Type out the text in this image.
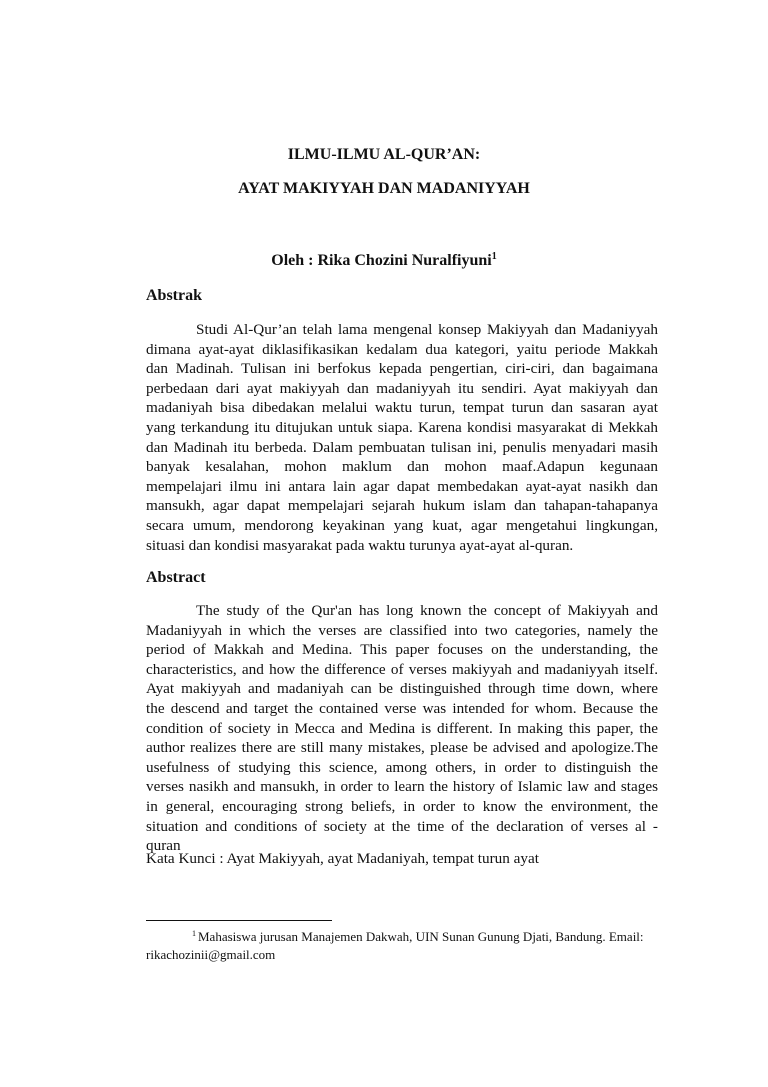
ILMU-ILMU AL-QUR’AN:
AYAT MAKIYYAH DAN MADANIYYAH
Oleh : Rika Chozini Nuralfiyuni$^1$
Abstrak
Studi Al-Qur’an telah lama mengenal konsep Makiyyah dan Madaniyyah
dimana ayat-ayat diklasifikasikan kedalam dua kategori, yaitu periode Makkah
dan Madinah. Tulisan ini berfokus kepada pengertian, ciri-ciri, dan bagaimana
perbedaan dari ayat makiyyah dan madaniyyah itu sendiri. Ayat makiyyah dan
madaniyah bisa dibedakan melalui waktu turun, tempat turun dan sasaran ayat
yang terkandung itu ditujukan untuk siapa. Karena kondisi masyarakat di Mekkah
dan Madinah itu berbeda. Dalam pembuatan tulisan ini, penulis menyadari masih
banyak kesalahan, mohon maklum dan mohon maaf.Adapun kegunaan
mempelajari ilmu ini antara lain agar dapat membedakan ayat-ayat nasikh dan
mansukh, agar dapat mempelajari sejarah hukum islam dan tahapan-tahapanya
secara umum, mendorong keyakinan yang kuat, agar mengetahui lingkungan,
situasi dan kondisi masyarakat pada waktu turunya ayat-ayat al-quran.
Abstract
The study of the Qur'an has long known the concept of Makiyyah and
Madaniyyah in which the verses are classified into two categories, namely the
period of Makkah and Medina. This paper focuses on the understanding, the
characteristics, and how the difference of verses makiyyah and madaniyyah itself.
Ayat makiyyah and madaniyah can be distinguished through time down, where
the descend and target the contained verse was intended for whom. Because the
condition of society in Mecca and Medina is different. In making this paper, the
author realizes there are still many mistakes, please be advised and apologize.The
usefulness of studying this science, among others, in order to distinguish the
verses nasikh and mansukh, in order to learn the history of Islamic law and stages
in general, encouraging strong beliefs, in order to know the environment, the
situation and conditions of society at the time of the declaration of verses al -
quran
Kata Kunci : Ayat Makiyyah, ayat Madaniyah, tempat turun ayat
$^1$ Mahasiswa jurusan Manajemen Dakwah, UIN Sunan Gunung Djati, Bandung. Email:
rikachozinii@gmail.com
